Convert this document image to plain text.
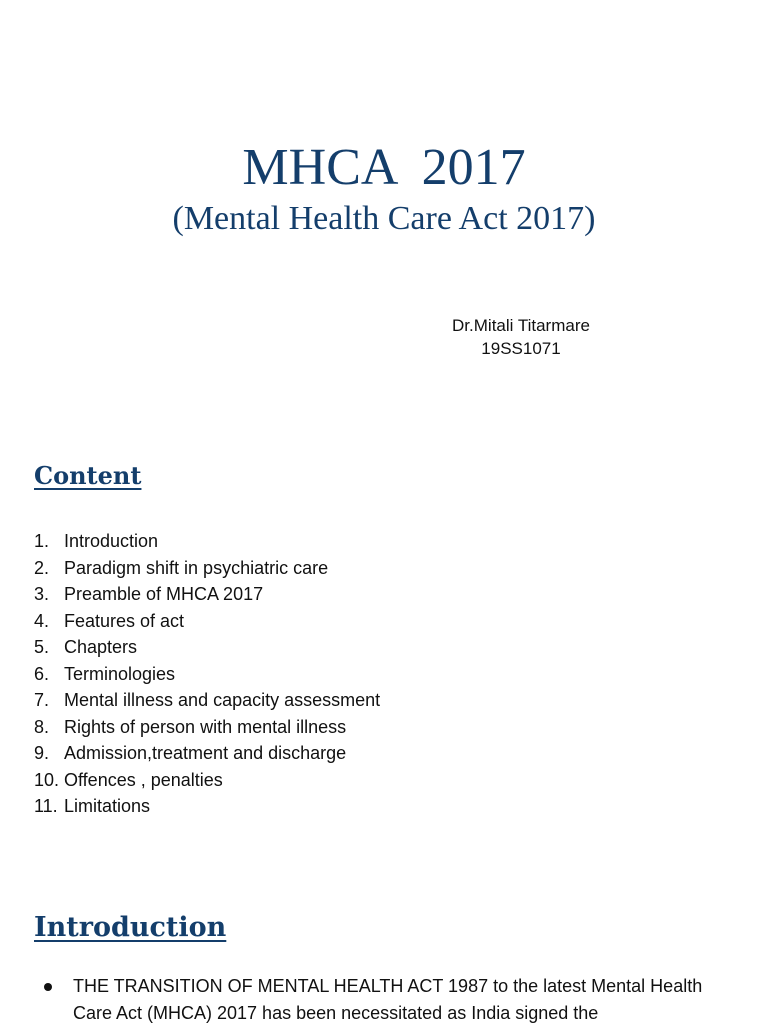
MHCA  2017
(Mental Health Care Act 2017)
Dr.Mitali Titarmare
19SS1071
Content
1. Introduction
2. Paradigm shift in psychiatric care
3. Preamble of MHCA 2017
4. Features of act
5. Chapters
6. Terminologies
7. Mental illness and capacity assessment
8. Rights of person with mental illness
9. Admission,treatment and discharge
10. Offences , penalties
11. Limitations
Introduction
THE TRANSITION OF MENTAL HEALTH ACT 1987 to the latest Mental Health Care Act (MHCA) 2017 has been necessitated as India signed the
